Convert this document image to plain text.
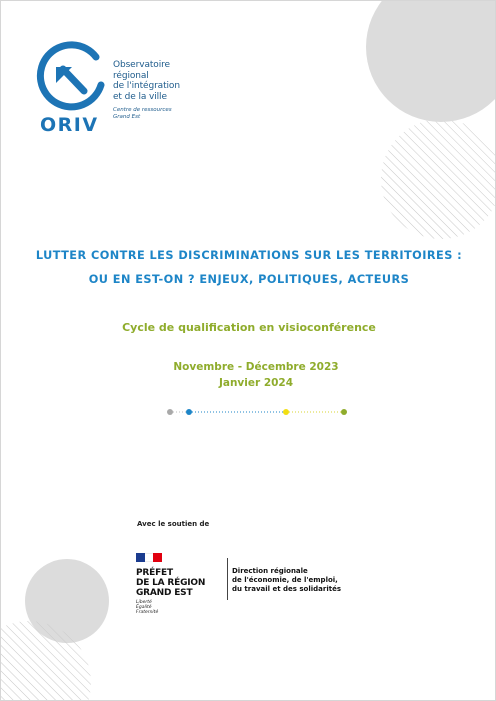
ORIV
Observatoire
régional
de l'intégration
et de la ville
Centre de ressources
Grand Est
LUTTER CONTRE LES DISCRIMINATIONS SUR LES TERRITOIRES :
OU EN EST-ON ? ENJEUX, POLITIQUES, ACTEURS
Cycle de qualification en visioconférence
Novembre - Décembre 2023
Janvier 2024
Avec le soutien de
PRÉFET
DE LA RÉGION
GRAND EST
Liberté
Égalité
Fraternité
Direction régionale
de l'économie, de l'emploi,
du travail et des solidarités
